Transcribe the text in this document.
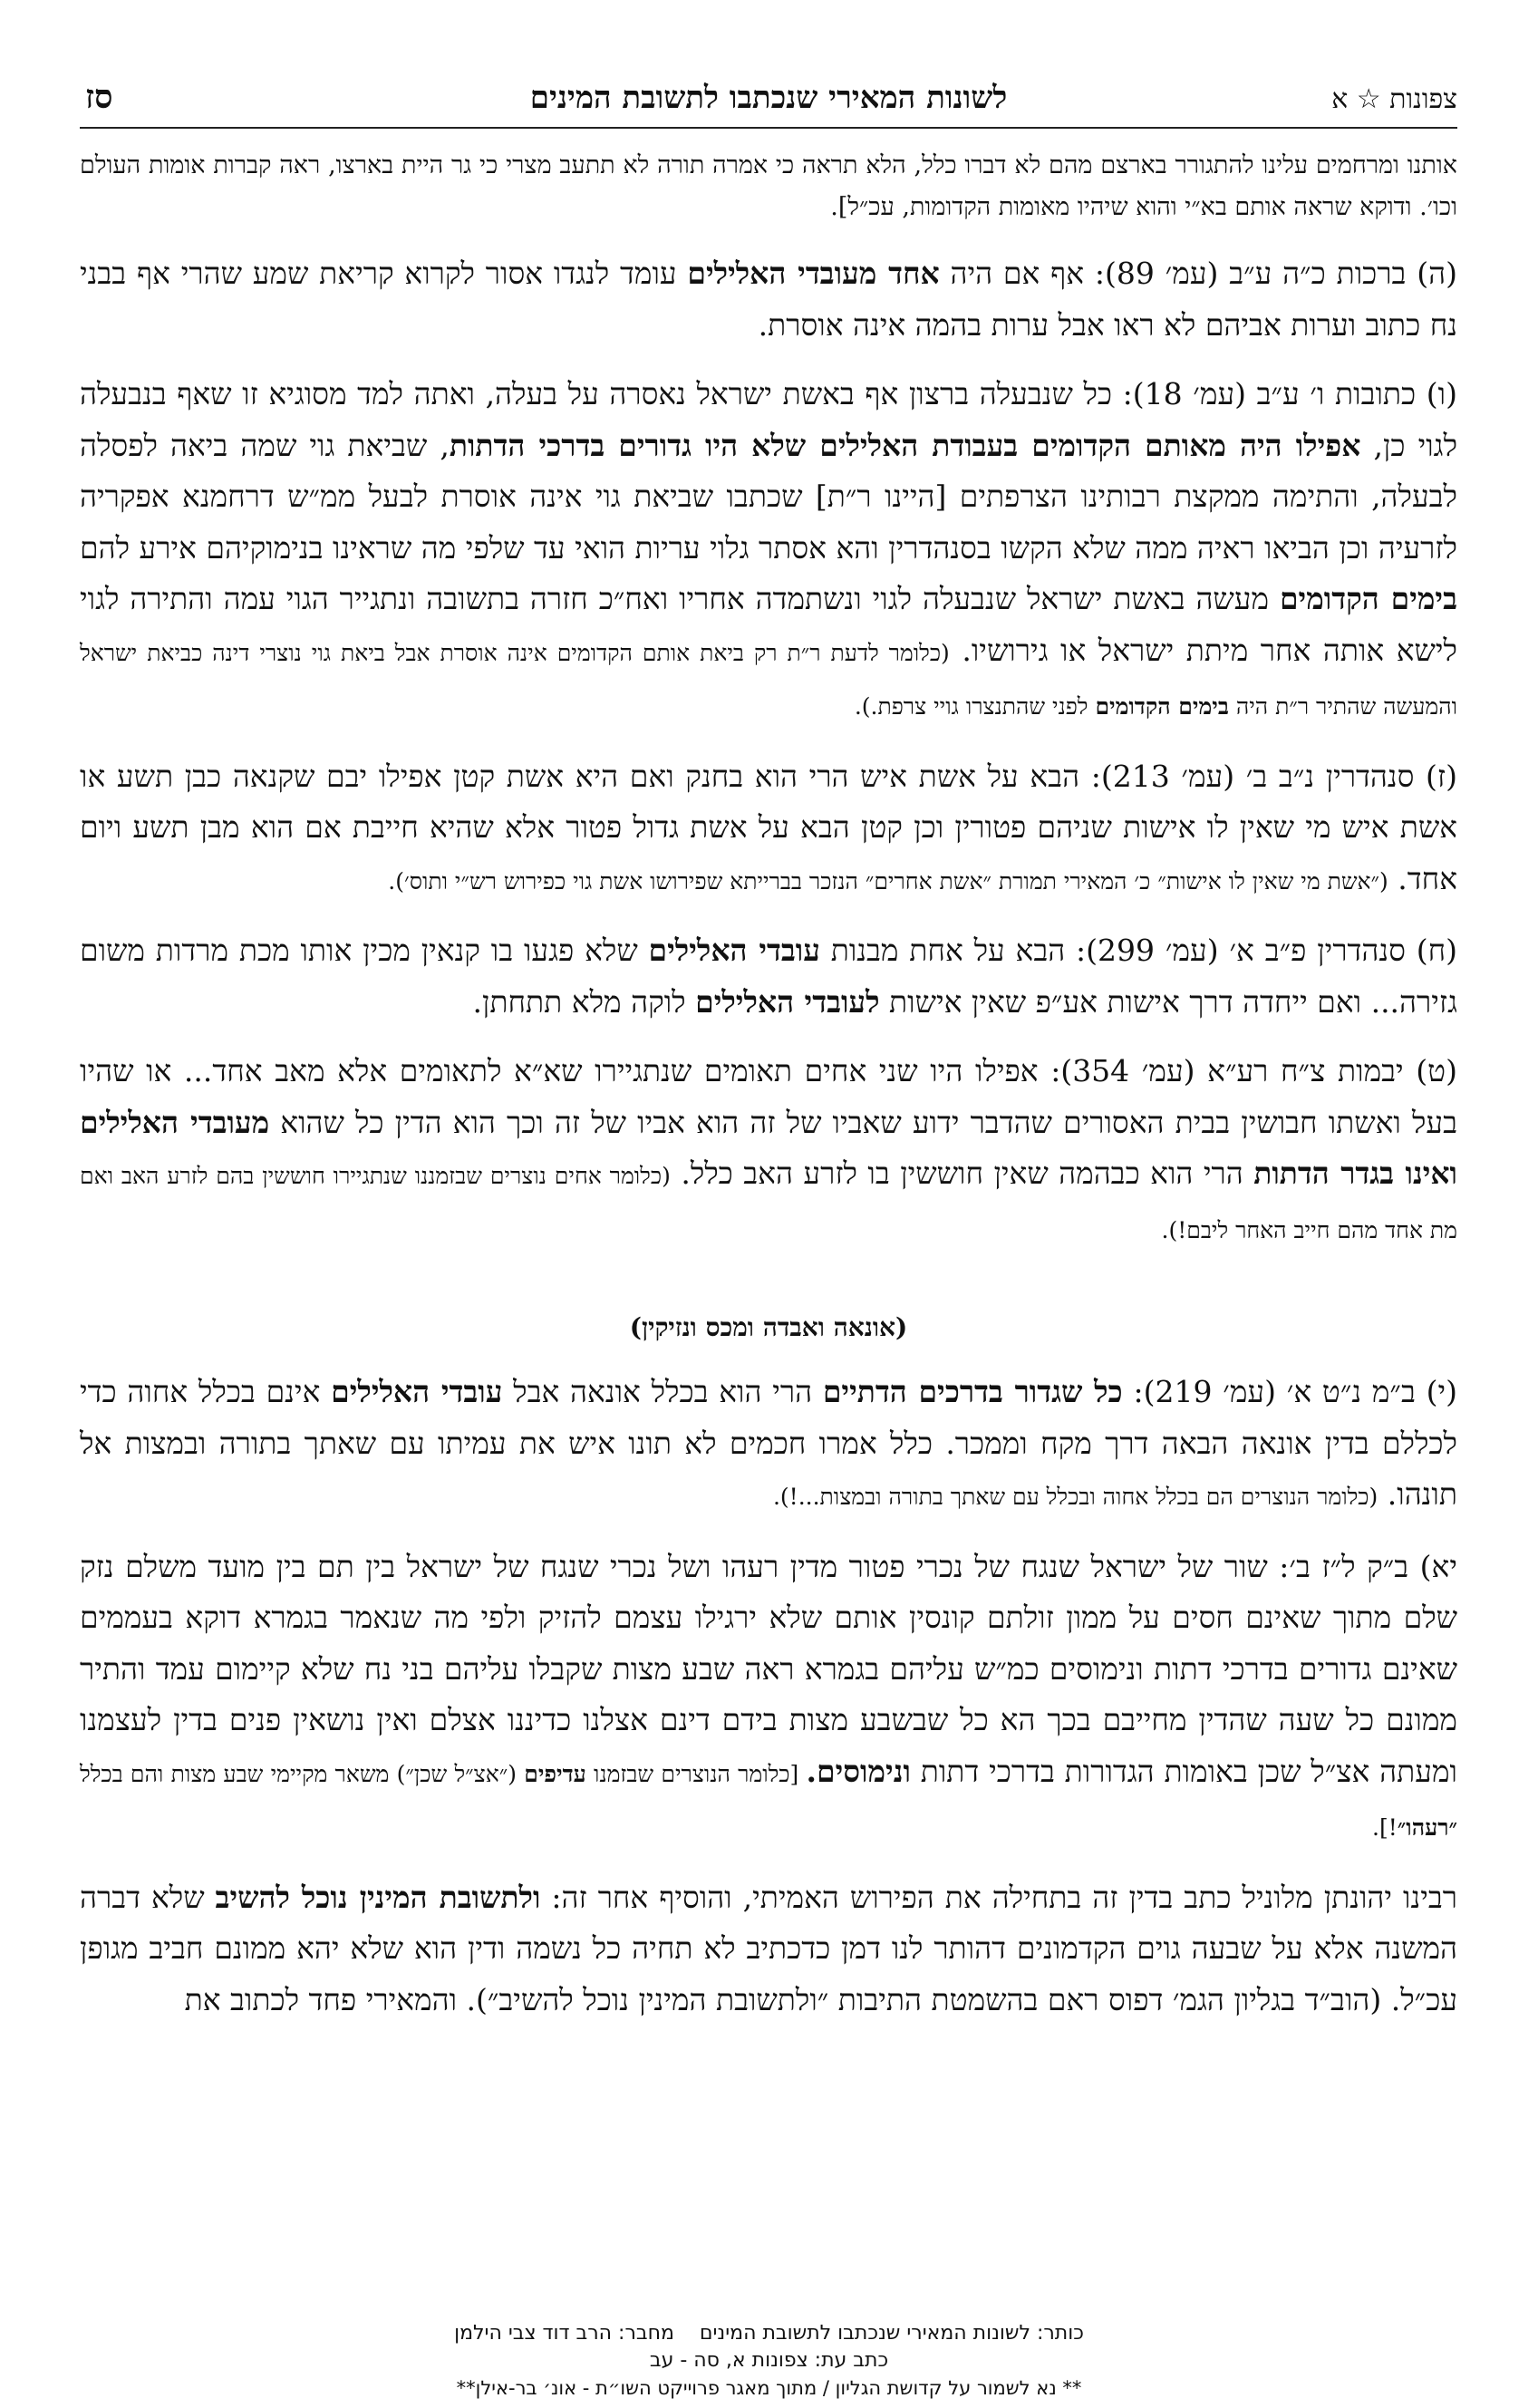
צפונות ☆ א
לשונות המאירי שנכתבו לתשובת המינים
סז

אותנו ומרחמים עלינו להתגורר בארצם מהם לא דברו כלל, הלא תראה כי אמרה תורה לא תתעב מצרי כי גר היית בארצו, ראה קברות אומות העולם וכו׳. ודוקא שראה אותם בא״י והוא שיהיו מאומות הקדומות, עכ״ל].

(ה) ברכות כ״ה ע״ב (עמ׳ 89): אף אם היה אחד מעובדי האלילים עומד לנגדו אסור לקרוא קריאת שמע שהרי אף בבני נח כתוב וערות אביהם לא ראו אבל ערות בהמה אינה אוסרת.

(ו) כתובות ו׳ ע״ב (עמ׳ 18): כל שנבעלה ברצון אף באשת ישראל נאסרה על בעלה, ואתה למד מסוגיא זו שאף בנבעלה לגוי כן, אפילו היה מאותם הקדומים בעבודת האלילים שלא היו גדורים בדרכי הדתות, שביאת גוי שמה ביאה לפסלה לבעלה, והתימה ממקצת רבותינו הצרפתים [היינו ר״ת] שכתבו שביאת גוי אינה אוסרת לבעל ממ״ש דרחמנא אפקריה לזרעיה וכן הביאו ראיה ממה שלא הקשו בסנהדרין והא אסתר גלוי עריות הואי עד שלפי מה שראינו בנימוקיהם אירע להם בימים הקדומים מעשה באשת ישראל שנבעלה לגוי ונשתמדה אחריו ואח״כ חזרה בתשובה ונתגייר הגוי עמה והתירה לגוי לישא אותה אחר מיתת ישראל או גירושיו. (כלומר לדעת ר״ת רק ביאת אותם הקדומים אינה אוסרת אבל ביאת גוי נוצרי דינה כביאת ישראל והמעשה שהתיר ר״ת היה בימים הקדומים לפני שהתנצרו גויי צרפת.).

(ז) סנהדרין נ״ב ב׳ (עמ׳ 213): הבא על אשת איש הרי הוא בחנק ואם היא אשת קטן אפילו יבם שקנאה כבן תשע או אשת איש מי שאין לו אישות שניהם פטורין וכן קטן הבא על אשת גדול פטור אלא שהיא חייבת אם הוא מבן תשע ויום אחד. (״אשת מי שאין לו אישות״ כ׳ המאירי תמורת ״אשת אחרים״ הנזכר בברייתא שפירושו אשת גוי כפירוש רש״י ותוס׳).

(ח) סנהדרין פ״ב א׳ (עמ׳ 299): הבא על אחת מבנות עובדי האלילים שלא פגעו בו קנאין מכין אותו מכת מרדות משום גזירה... ואם ייחדה דרך אישות אע״פ שאין אישות לעובדי האלילים לוקה מלא תתחתן.

(ט) יבמות צ״ח רע״א (עמ׳ 354): אפילו היו שני אחים תאומים שנתגיירו שא״א לתאומים אלא מאב אחד... או שהיו בעל ואשתו חבושין בבית האסורים שהדבר ידוע שאביו של זה הוא אביו של זה וכך הוא הדין כל שהוא מעובדי האלילים ואינו בגדר הדתות הרי הוא כבהמה שאין חוששין בו לזרע האב כלל. (כלומר אחים נוצרים שבזמננו שנתגיירו חוששין בהם לזרע האב ואם מת אחד מהם חייב האחר ליבם!).

(אונאה ואבדה ומכס ונזיקין)

(י) ב״מ נ״ט א׳ (עמ׳ 219): כל שגדור בדרכים הדתיים הרי הוא בכלל אונאה אבל עובדי האלילים אינם בכלל אחוה כדי לכללם בדין אונאה הבאה דרך מקח וממכר. כלל אמרו חכמים לא תונו איש את עמיתו עם שאתך בתורה ובמצות אל תונהו. (כלומר הנוצרים הם בכלל אחוה ובכלל עם שאתך בתורה ובמצות...!).

יא) ב״ק ל״ז ב׳: שור של ישראל שנגח של נכרי פטור מדין רעהו ושל נכרי שנגח של ישראל בין תם בין מועד משלם נזק שלם מתוך שאינם חסים על ממון זולתם קונסין אותם שלא ירגילו עצמם להזיק ולפי מה שנאמר בגמרא דוקא בעממים שאינם גדורים בדרכי דתות ונימוסים כמ״ש עליהם בגמרא ראה שבע מצות שקבלו עליהם בני נח שלא קיימום עמד והתיר ממונם כל שעה שהדין מחייבם בכך הא כל שבשבע מצות בידם דינם אצלנו כדיננו אצלם ואין נושאין פנים בדין לעצמנו ומעתה אצ״ל שכן באומות הגדורות בדרכי דתות ונימוסים. [כלומר הנוצרים שבזמנו עדיפים (״אצ״ל שכן״) משאר מקיימי שבע מצות והם בכלל ״רעהו״!].

רבינו יהונתן מלוניל כתב בדין זה בתחילה את הפירוש האמיתי, והוסיף אחר זה: ולתשובת המינין נוכל להשיב שלא דברה המשנה אלא על שבעה גוים הקדמונים דהותר לנו דמן כדכתיב לא תחיה כל נשמה ודין הוא שלא יהא ממונם חביב מגופן עכ״ל. (הוב״ד בגליון הגמ׳ דפוס ראם בהשמטת התיבות ״ולתשובת המינין נוכל להשיב״). והמאירי פחד לכתוב את

כותר: לשונות המאירי שנכתבו לתשובת המינים    מחבר: הרב דוד צבי הילמן
כתב עת: צפונות א, סה - עב
** נא לשמור על קדושת הגליון / מתוך מאגר פרוייקט השו״ת - אונ׳ בר-אילן**
